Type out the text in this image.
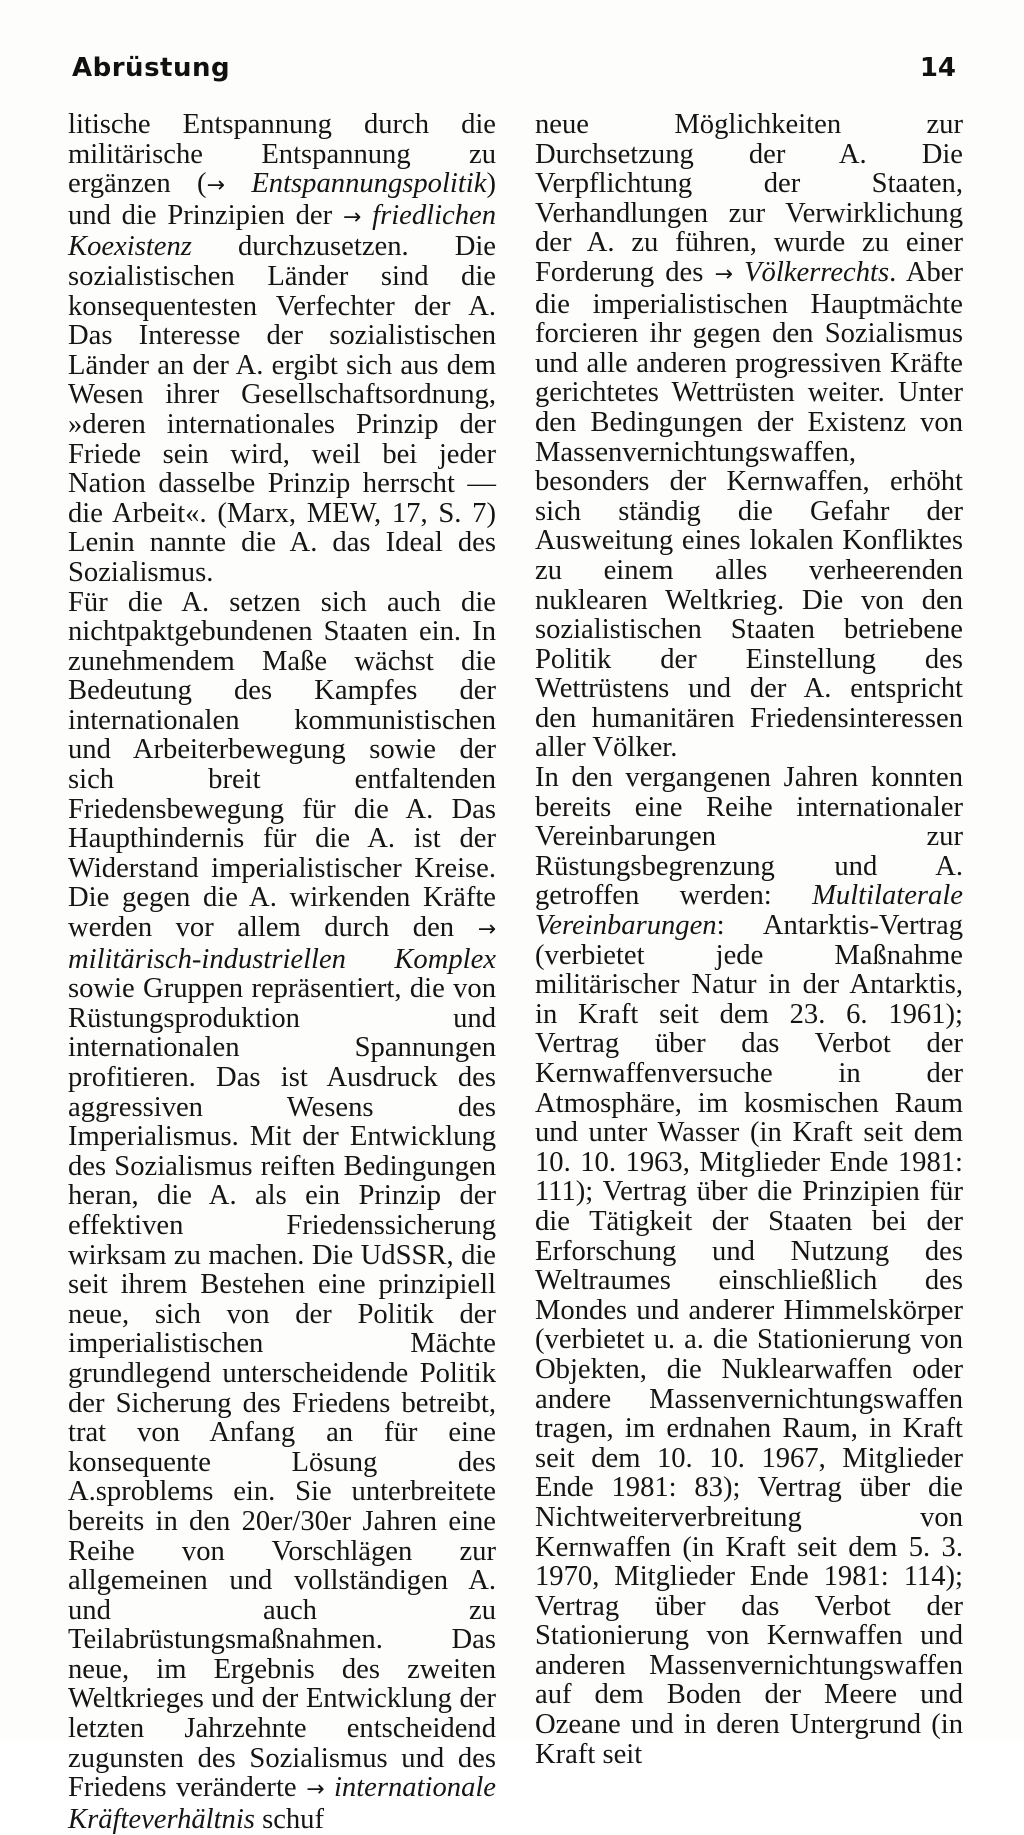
Abrüstung	14

litische Entspannung durch die militärische Entspannung zu ergänzen (→ Entspannungspolitik) und die Prinzipien der → friedlichen Koexistenz durchzusetzen. Die sozialistischen Länder sind die konsequentesten Verfechter der A. Das Interesse der sozialistischen Länder an der A. ergibt sich aus dem Wesen ihrer Gesellschaftsordnung, »deren internationales Prinzip der Friede sein wird, weil bei jeder Nation dasselbe Prinzip herrscht — die Arbeit«. (Marx, MEW, 17, S. 7) Lenin nannte die A. das Ideal des Sozialismus.

Für die A. setzen sich auch die nichtpaktgebundenen Staaten ein. In zunehmendem Maße wächst die Bedeutung des Kampfes der internationalen kommunistischen und Arbeiterbewegung sowie der sich breit entfaltenden Friedensbewegung für die A. Das Haupthindernis für die A. ist der Widerstand imperialistischer Kreise. Die gegen die A. wirkenden Kräfte werden vor allem durch den → militärisch-industriellen Komplex sowie Gruppen repräsentiert, die von Rüstungsproduktion und internationalen Spannungen profitieren. Das ist Ausdruck des aggressiven Wesens des Imperialismus. Mit der Entwicklung des Sozialismus reiften Bedingungen heran, die A. als ein Prinzip der effektiven Friedenssicherung wirksam zu machen. Die UdSSR, die seit ihrem Bestehen eine prinzipiell neue, sich von der Politik der imperialistischen Mächte grundlegend unterscheidende Politik der Sicherung des Friedens betreibt, trat von Anfang an für eine konsequente Lösung des A.sproblems ein. Sie unterbreitete bereits in den 20er/30er Jahren eine Reihe von Vorschlägen zur allgemeinen und vollständigen A. und auch zu Teilabrüstungsmaßnahmen. Das neue, im Ergebnis des zweiten Weltkrieges und der Entwicklung der letzten Jahrzehnte entscheidend zugunsten des Sozialismus und des Friedens veränderte → internationale Kräfteverhältnis schuf

neue Möglichkeiten zur Durchsetzung der A. Die Verpflichtung der Staaten, Verhandlungen zur Verwirklichung der A. zu führen, wurde zu einer Forderung des → Völkerrechts. Aber die imperialistischen Hauptmächte forcieren ihr gegen den Sozialismus und alle anderen progressiven Kräfte gerichtetes Wettrüsten weiter. Unter den Bedingungen der Existenz von Massenvernichtungswaffen, besonders der Kernwaffen, erhöht sich ständig die Gefahr der Ausweitung eines lokalen Konfliktes zu einem alles verheerenden nuklearen Weltkrieg. Die von den sozialistischen Staaten betriebene Politik der Einstellung des Wettrüstens und der A. entspricht den humanitären Friedensinteressen aller Völker.

In den vergangenen Jahren konnten bereits eine Reihe internationaler Vereinbarungen zur Rüstungsbegrenzung und A. getroffen werden: Multilaterale Vereinbarungen: Antarktis-Vertrag (verbietet jede Maßnahme militärischer Natur in der Antarktis, in Kraft seit dem 23. 6. 1961); Vertrag über das Verbot der Kernwaffenversuche in der Atmosphäre, im kosmischen Raum und unter Wasser (in Kraft seit dem 10. 10. 1963, Mitglieder Ende 1981: 111); Vertrag über die Prinzipien für die Tätigkeit der Staaten bei der Erforschung und Nutzung des Weltraumes einschließlich des Mondes und anderer Himmelskörper (verbietet u. a. die Stationierung von Objekten, die Nuklearwaffen oder andere Massenvernichtungswaffen tragen, im erdnahen Raum, in Kraft seit dem 10. 10. 1967, Mitglieder Ende 1981: 83); Vertrag über die Nichtweiterverbreitung von Kernwaffen (in Kraft seit dem 5. 3. 1970, Mitglieder Ende 1981: 114); Vertrag über das Verbot der Stationierung von Kernwaffen und anderen Massenvernichtungswaffen auf dem Boden der Meere und Ozeane und in deren Untergrund (in Kraft seit
